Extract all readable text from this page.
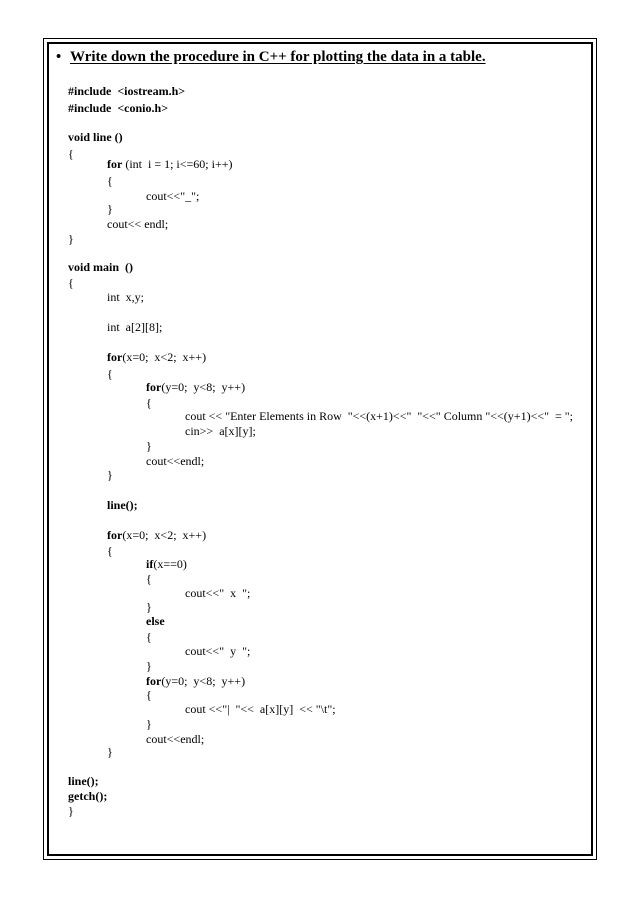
• Write down the procedure in C++ for plotting the data in a table.
#include  <iostream.h>
#include  <conio.h>
void line ()
{
for (int  i = 1; i<=60; i++)
{
cout<<"_";
}
cout<< endl;
}
void main  ()
{
int  x,y;
int  a[2][8];
for(x=0;  x<2;  x++)
{
for(y=0;  y<8;  y++)
{
cout << "Enter Elements in Row  "<<(x+1)<<"  "<<" Column "<<(y+1)<<"  = ";
cin>>  a[x][y];
}
cout<<endl;
}
line();
for(x=0;  x<2;  x++)
{
if(x==0)
{
cout<<"  x  ";
}
else
{
cout<<"  y  ";
}
for(y=0;  y<8;  y++)
{
cout <<"|  "<<  a[x][y]  << "\t";
}
cout<<endl;
}
line();
getch();
}
